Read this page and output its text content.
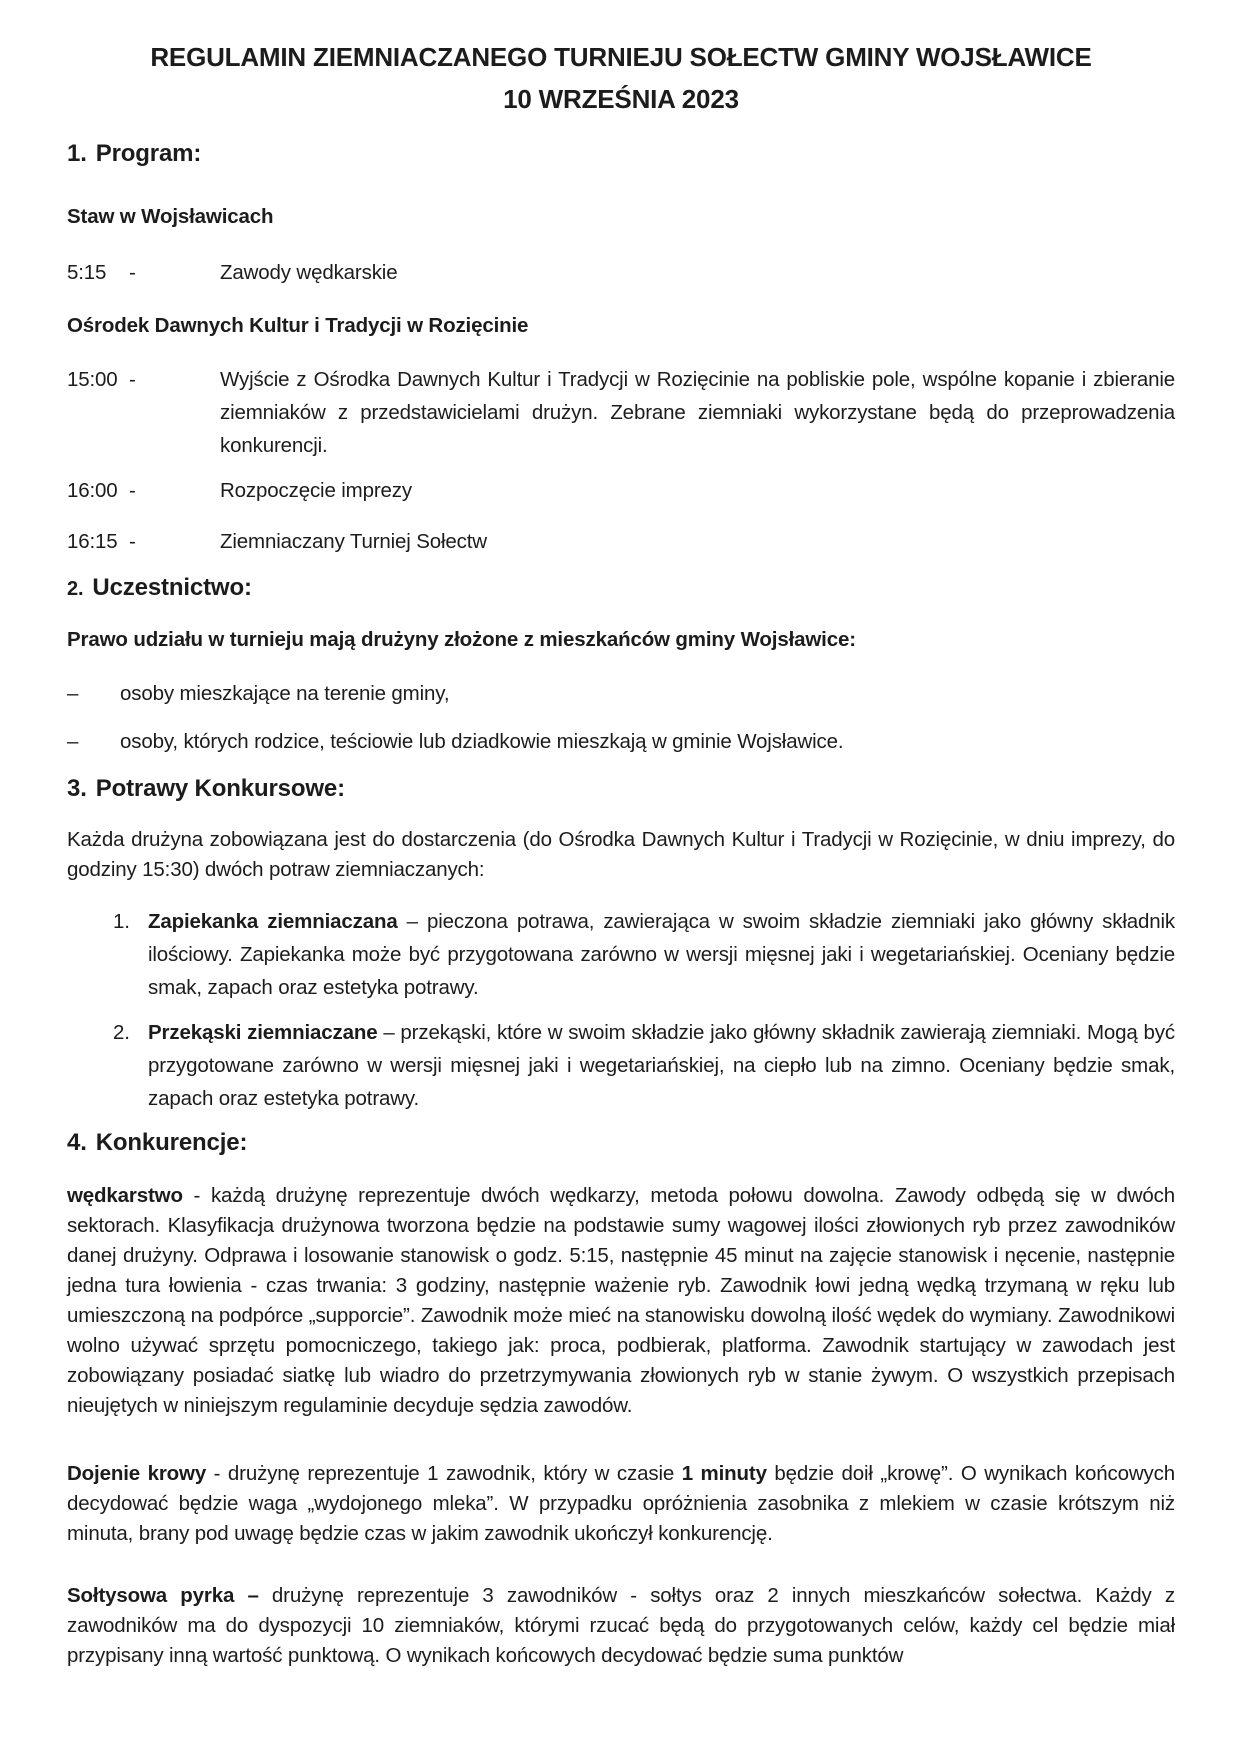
REGULAMIN ZIEMNIACZANEGO TURNIEJU SOŁECTW GMINY WOJSŁAWICE
10 WRZEŚNIA 2023
1. Program:

Staw w Wojsławicach

5:15	-	Zawody wędkarskie

Ośrodek Dawnych Kultur i Tradycji w Rozięcinie

15:00 -	Wyjście z Ośrodka Dawnych Kultur i Tradycji w Rozięcinie na pobliskie pole, wspólne kopanie i zbieranie ziemniaków z przedstawicielami drużyn. Zebrane ziemniaki wykorzystane będą do przeprowadzenia konkurencji.
16:00 -	Rozpoczęcie imprezy
16:15 -	Ziemniaczany Turniej Sołectw
2. Uczestnictwo:

Prawo udziału w turnieju mają drużyny złożone z mieszkańców gminy Wojsławice:

–	osoby mieszkające na terenie gminy,
–	osoby, których rodzice, teściowie lub dziadkowie mieszkają w gminie Wojsławice.
3. Potrawy Konkursowe:

Każda drużyna zobowiązana jest do dostarczenia (do Ośrodka Dawnych Kultur i Tradycji w Rozięcinie, w dniu imprezy, do godziny 15:30) dwóch potraw ziemniaczanych:

1. Zapiekanka ziemniaczana – pieczona potrawa, zawierająca w swoim składzie ziemniaki jako główny składnik ilościowy. Zapiekanka może być przygotowana zarówno w wersji mięsnej jaki i wegetariańskiej. Oceniany będzie smak, zapach oraz estetyka potrawy.
2. Przekąski ziemniaczane – przekąski, które w swoim składzie jako główny składnik zawierają ziemniaki. Mogą być przygotowane zarówno w wersji mięsnej jaki i wegetariańskiej, na ciepło lub na zimno. Oceniany będzie smak, zapach oraz estetyka potrawy.
4. Konkurencje:

wędkarstwo - każdą drużynę reprezentuje dwóch wędkarzy, metoda połowu dowolna. Zawody odbędą się w dwóch sektorach. Klasyfikacja drużynowa tworzona będzie na podstawie sumy wagowej ilości złowionych ryb przez zawodników danej drużyny. Odprawa i losowanie stanowisk o godz. 5:15, następnie 45 minut na zajęcie stanowisk i nęcenie, następnie jedna tura łowienia - czas trwania: 3 godziny, następnie ważenie ryb. Zawodnik łowi jedną wędką trzymaną w ręku lub umieszczoną na podpórce „supporcie”. Zawodnik może mieć na stanowisku dowolną ilość wędek do wymiany. Zawodnikowi wolno używać sprzętu pomocniczego, takiego jak: proca, podbierak, platforma. Zawodnik startujący w zawodach jest zobowiązany posiadać siatkę lub wiadro do przetrzymywania złowionych ryb w stanie żywym. O wszystkich przepisach nieujętych w niniejszym regulaminie decyduje sędzia zawodów.

Dojenie krowy - drużynę reprezentuje 1 zawodnik, który w czasie 1 minuty będzie doił „krowę”. O wynikach końcowych decydować będzie waga „wydojonego mleka”. W przypadku opróżnienia zasobnika z mlekiem w czasie krótszym niż minuta, brany pod uwagę będzie czas w jakim zawodnik ukończył konkurencję.

Sołtysowa pyrka – drużynę reprezentuje 3 zawodników - sołtys oraz 2 innych mieszkańców sołectwa. Każdy z zawodników ma do dyspozycji 10 ziemniaków, którymi rzucać będą do przygotowanych celów, każdy cel będzie miał przypisany inną wartość punktową. O wynikach końcowych decydować będzie suma punktów
